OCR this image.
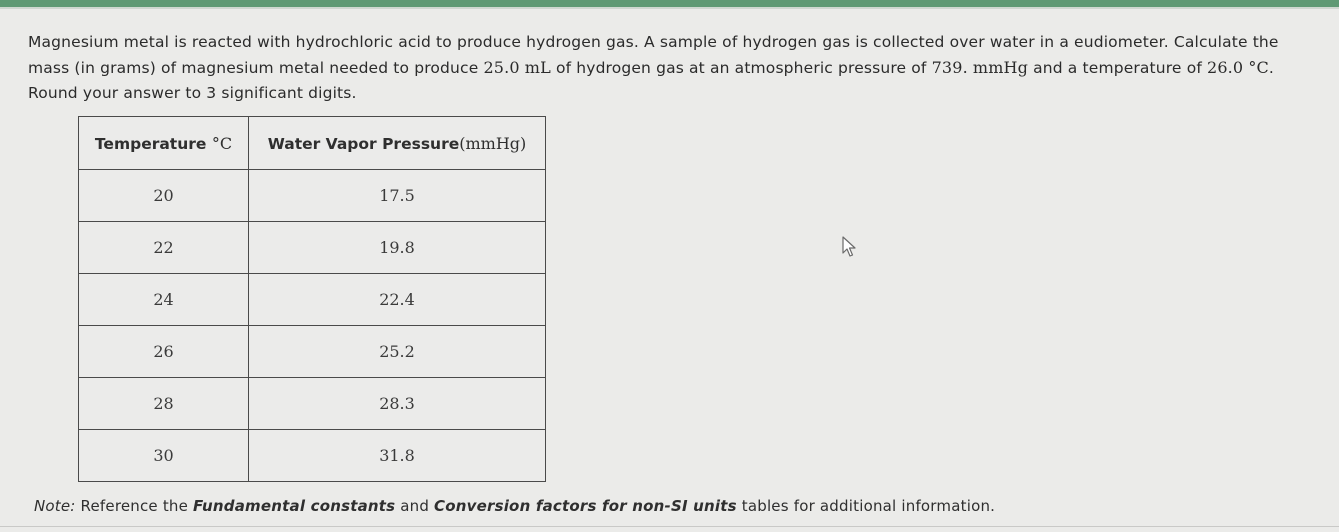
Magnesium metal is reacted with hydrochloric acid to produce hydrogen gas. A sample of hydrogen gas is collected over water in a eudiometer. Calculate the mass (in grams) of magnesium metal needed to produce 25.0 mL of hydrogen gas at an atmospheric pressure of 739. mmHg and a temperature of 26.0 °C. Round your answer to 3 significant digits.

Temperature °C	Water Vapor Pressure(mmHg)
20	17.5
22	19.8
24	22.4
26	25.2
28	28.3
30	31.8
Note: Reference the Fundamental constants and Conversion factors for non-SI units tables for additional information.
